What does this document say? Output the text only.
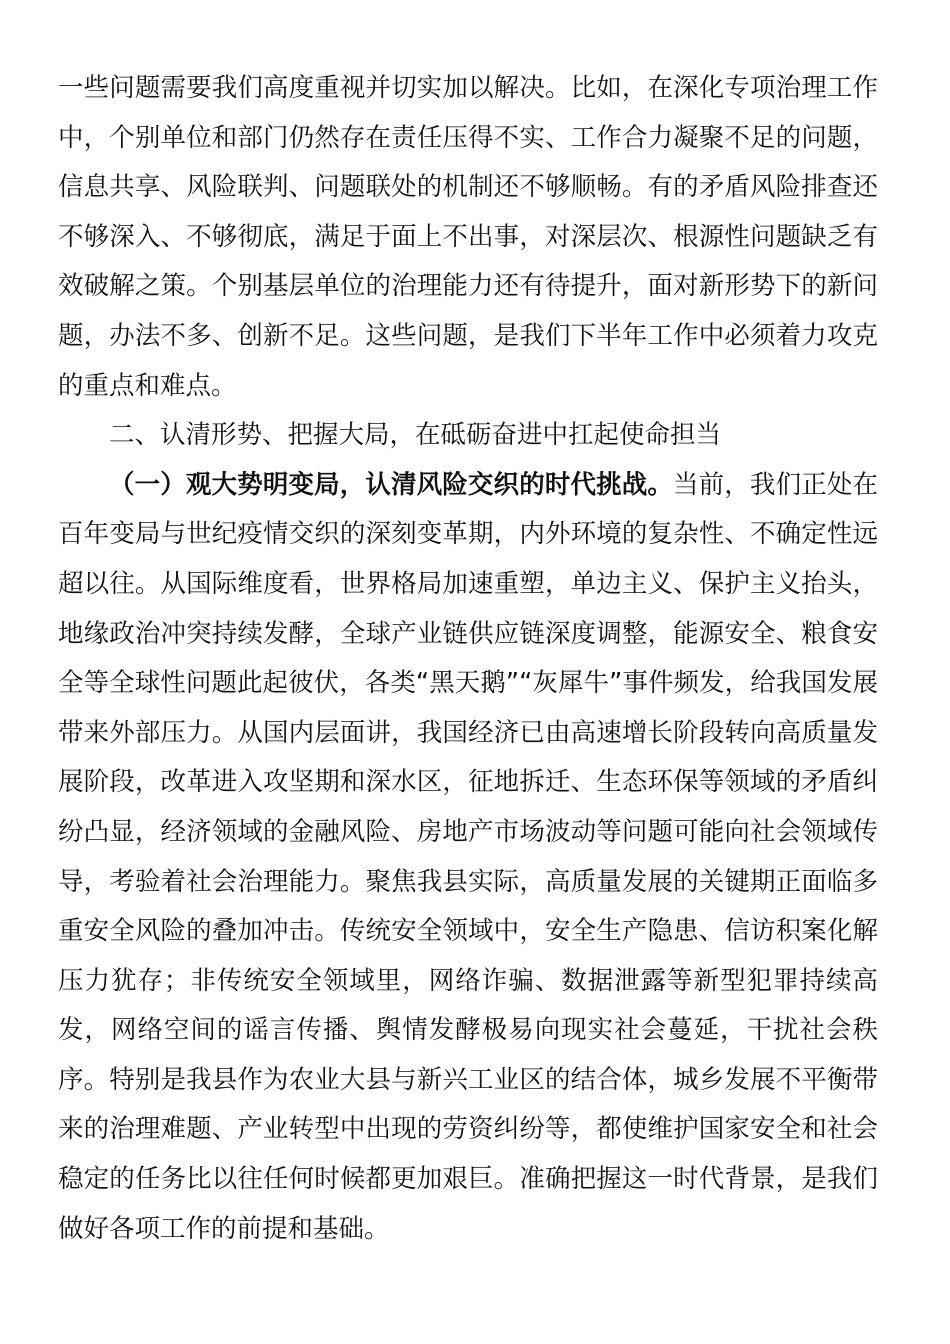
一些问题需要我们高度重视并切实加以解决。比如，在深化专项治理工作中，个别单位和部门仍然存在责任压得不实、工作合力凝聚不足的问题，信息共享、风险联判、问题联处的机制还不够顺畅。有的矛盾风险排查还不够深入、不够彻底，满足于面上不出事，对深层次、根源性问题缺乏有效破解之策。个别基层单位的治理能力还有待提升，面对新形势下的新问题，办法不多、创新不足。这些问题，是我们下半年工作中必须着力攻克的重点和难点。

二、认清形势、把握大局，在砥砺奋进中扛起使命担当

（一）观大势明变局，认清风险交织的时代挑战。当前，我们正处在百年变局与世纪疫情交织的深刻变革期，内外环境的复杂性、不确定性远超以往。从国际维度看，世界格局加速重塑，单边主义、保护主义抬头，地缘政治冲突持续发酵，全球产业链供应链深度调整，能源安全、粮食安全等全球性问题此起彼伏，各类“黑天鹅”“灰犀牛”事件频发，给我国发展带来外部压力。从国内层面讲，我国经济已由高速增长阶段转向高质量发展阶段，改革进入攻坚期和深水区，征地拆迁、生态环保等领域的矛盾纠纷凸显，经济领域的金融风险、房地产市场波动等问题可能向社会领域传导，考验着社会治理能力。聚焦我县实际，高质量发展的关键期正面临多重安全风险的叠加冲击。传统安全领域中，安全生产隐患、信访积案化解压力犹存；非传统安全领域里，网络诈骗、数据泄露等新型犯罪持续高发，网络空间的谣言传播、舆情发酵极易向现实社会蔓延，干扰社会秩序。特别是我县作为农业大县与新兴工业区的结合体，城乡发展不平衡带来的治理难题、产业转型中出现的劳资纠纷等，都使维护国家安全和社会稳定的任务比以往任何时候都更加艰巨。准确把握这一时代背景，是我们做好各项工作的前提和基础。
